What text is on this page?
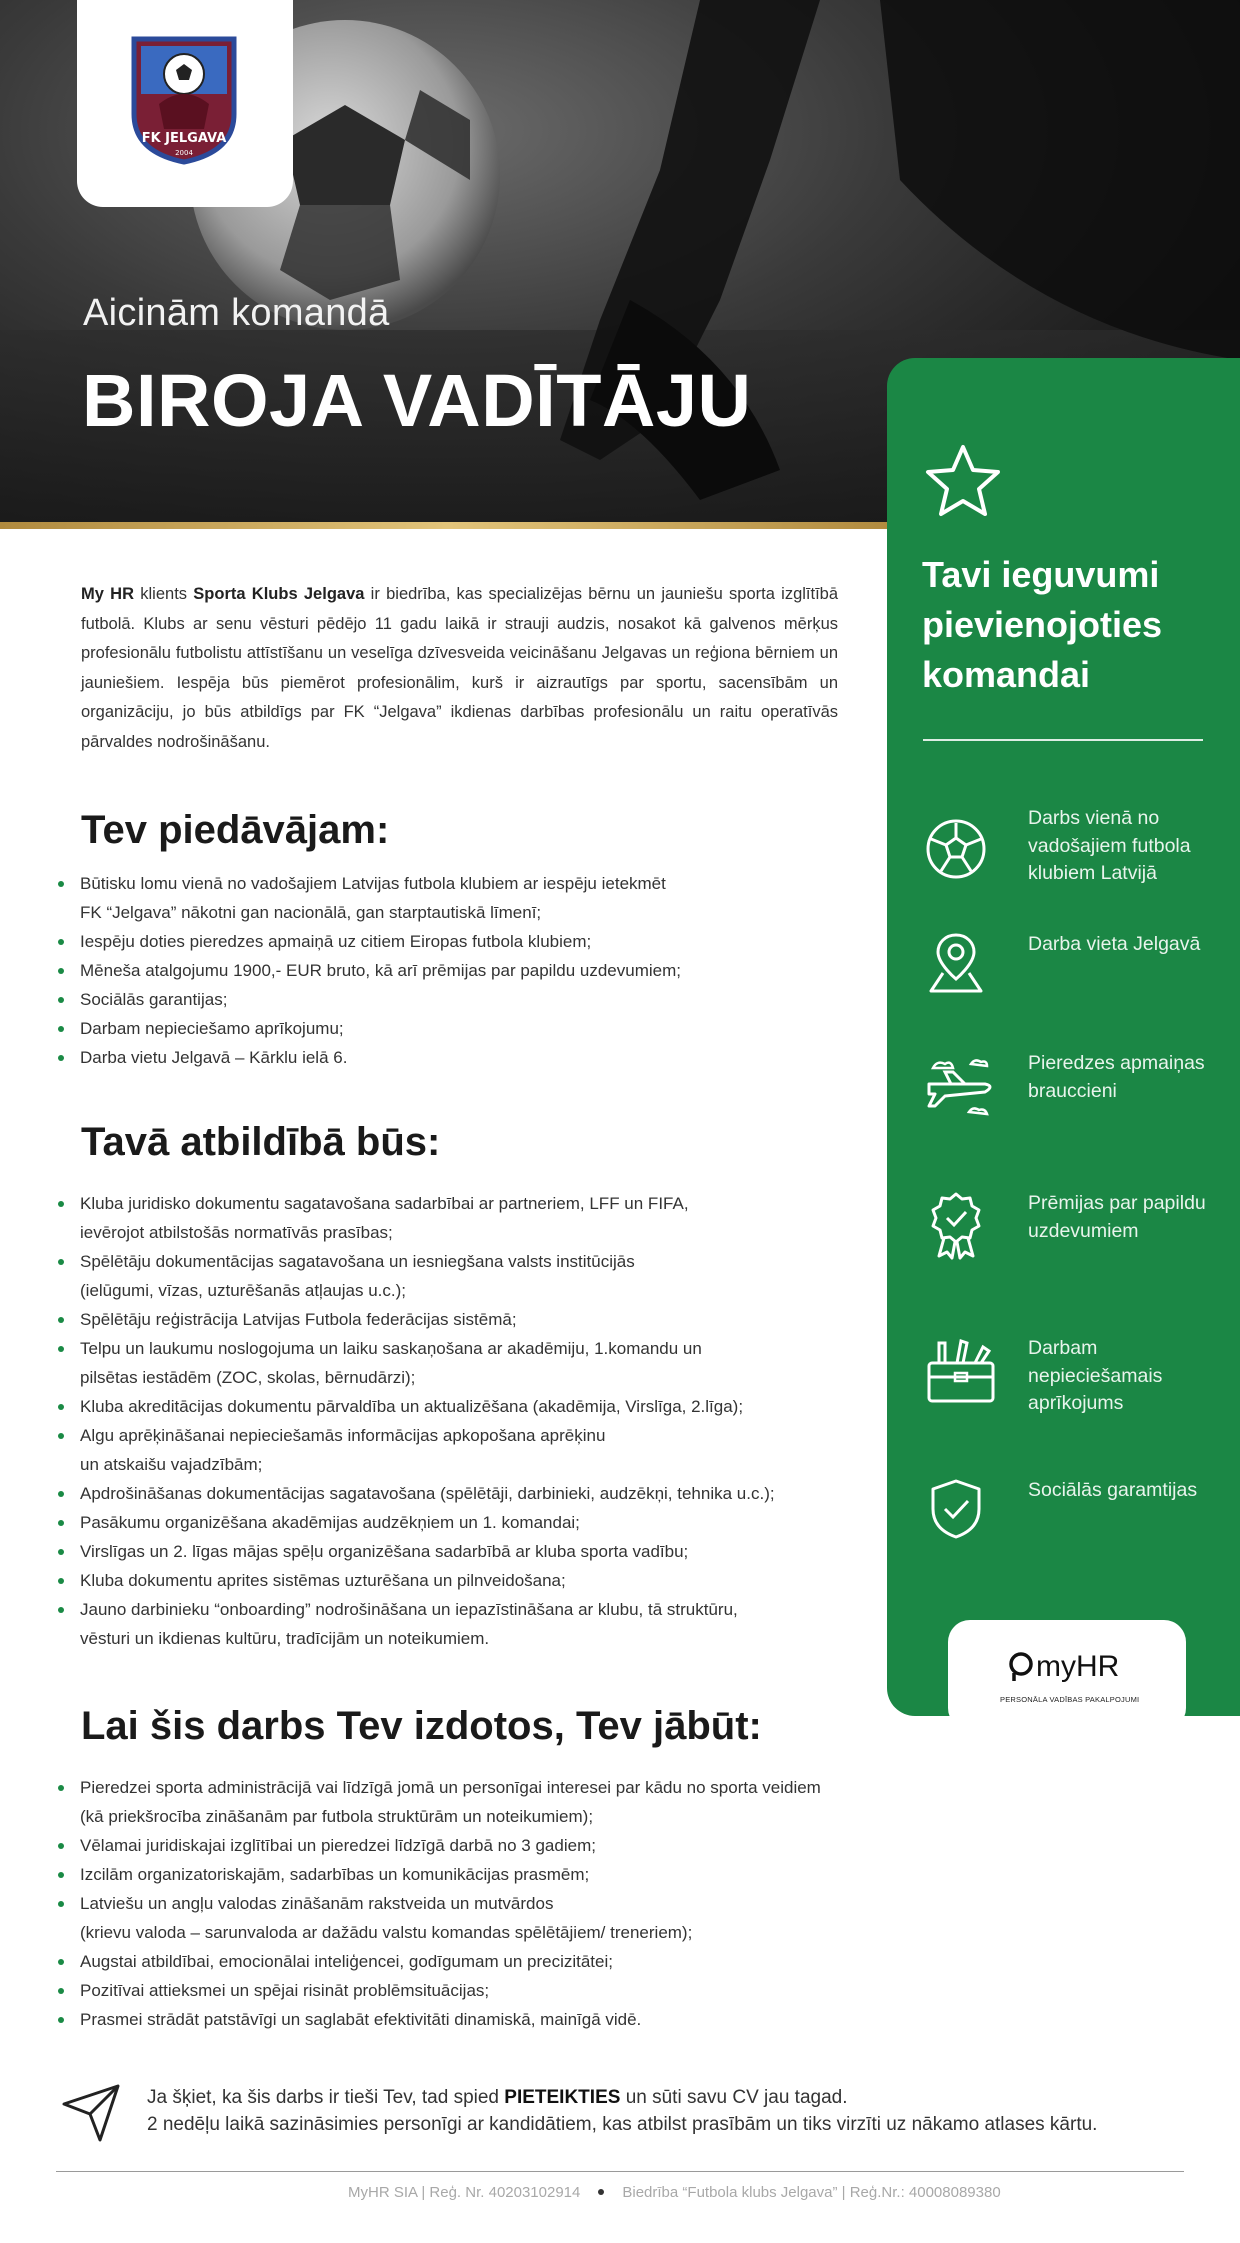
FK JELGAVA
2004
Aicinām komandā
BIROJA VADĪTĀJU

My HR klients Sporta Klubs Jelgava ir biedrība, kas specializējas bērnu un jauniešu sporta izglītībā futbolā. Klubs ar senu vēsturi pēdējo 11 gadu laikā ir strauji audzis, nosakot kā galvenos mērķus profesionālu futbolistu attīstīšanu un veselīga dzīvesveida veicināšanu Jelgavas un reģiona bērniem un jauniešiem. Iespēja būs piemērot profesionālim, kurš ir aizrautīgs par sportu, sacensībām un organizāciju, jo būs atbildīgs par FK “Jelgava” ikdienas darbības profesionālu un raitu operatīvās pārvaldes nodrošināšanu.

Tev piedāvājam:
Būtisku lomu vienā no vadošajiem Latvijas futbola klubiem ar iespēju ietekmēt
FK “Jelgava” nākotni gan nacionālā, gan starptautiskā līmenī;
Iespēju doties pieredzes apmaiņā uz citiem Eiropas futbola klubiem;
Mēneša atalgojumu 1900,- EUR bruto, kā arī prēmijas par papildu uzdevumiem;
Sociālās garantijas;
Darbam nepieciešamo aprīkojumu;
Darba vietu Jelgavā – Kārklu ielā 6.
Tavā atbildībā būs:
Kluba juridisko dokumentu sagatavošana sadarbībai ar partneriem, LFF un FIFA,
ievērojot atbilstošās normatīvās prasības;
Spēlētāju dokumentācijas sagatavošana un iesniegšana valsts institūcijās
(ielūgumi, vīzas, uzturēšanās atļaujas u.c.);
Spēlētāju reģistrācija Latvijas Futbola federācijas sistēmā;
Telpu un laukumu noslogojuma un laiku saskaņošana ar akadēmiju, 1.komandu un
pilsētas iestādēm (ZOC, skolas, bērnudārzi);
Kluba akreditācijas dokumentu pārvaldība un aktualizēšana (akadēmija, Virslīga, 2.līga);
Algu aprēķināšanai nepieciešamās informācijas apkopošana aprēķinu
un atskaišu vajadzībām;
Apdrošināšanas dokumentācijas sagatavošana (spēlētāji, darbinieki, audzēkņi, tehnika u.c.);
Pasākumu organizēšana akadēmijas audzēkņiem un 1. komandai;
Virslīgas un 2. līgas mājas spēļu organizēšana sadarbībā ar kluba sporta vadību;
Kluba dokumentu aprites sistēmas uzturēšana un pilnveidošana;
Jauno darbinieku “onboarding” nodrošināšana un iepazīstināšana ar klubu, tā struktūru,
vēsturi un ikdienas kultūru, tradīcijām un noteikumiem.
Lai šis darbs Tev izdotos, Tev jābūt:
Pieredzei sporta administrācijā vai līdzīgā jomā un personīgai interesei par kādu no sporta veidiem
(kā priekšrocība zināšanām par futbola struktūrām un noteikumiem);
Vēlamai juridiskajai izglītībai un pieredzei līdzīgā darbā no 3 gadiem;
Izcilām organizatoriskajām, sadarbības un komunikācijas prasmēm;
Latviešu un angļu valodas zināšanām rakstveida un mutvārdos
(krievu valoda – sarunvaloda ar dažādu valstu komandas spēlētājiem/ treneriem);
Augstai atbildībai, emocionālai inteliģencei, godīgumam un precizitātei;
Pozitīvai attieksmei un spējai risināt problēmsituācijas;
Prasmei strādāt patstāvīgi un saglabāt efektivitāti dinamiskā, mainīgā vidē.
Tavi ieguvumi pievienojoties komandai
Darbs vienā no vadošajiem futbola klubiem Latvijā
Darba vieta Jelgavā
Pieredzes apmaiņas brauccieni
Prēmijas par papildu uzdevumiem
Darbam nepieciešamais aprīkojums
Sociālās garamtijas
myHR
PERSONĀLA VADĪBAS PAKALPOJUMI
Ja šķiet, ka šis darbs ir tieši Tev, tad spied PIETEIKTIES un sūti savu CV jau tagad.
2 nedēļu laikā sazināsimies personīgi ar kandidātiem, kas atbilst prasībām un tiks virzīti uz nākamo atlases kārtu.
MyHR SIA | Reģ. Nr. 40203102914	Biedrība “Futbola klubs Jelgava” | Reģ.Nr.: 40008089380
